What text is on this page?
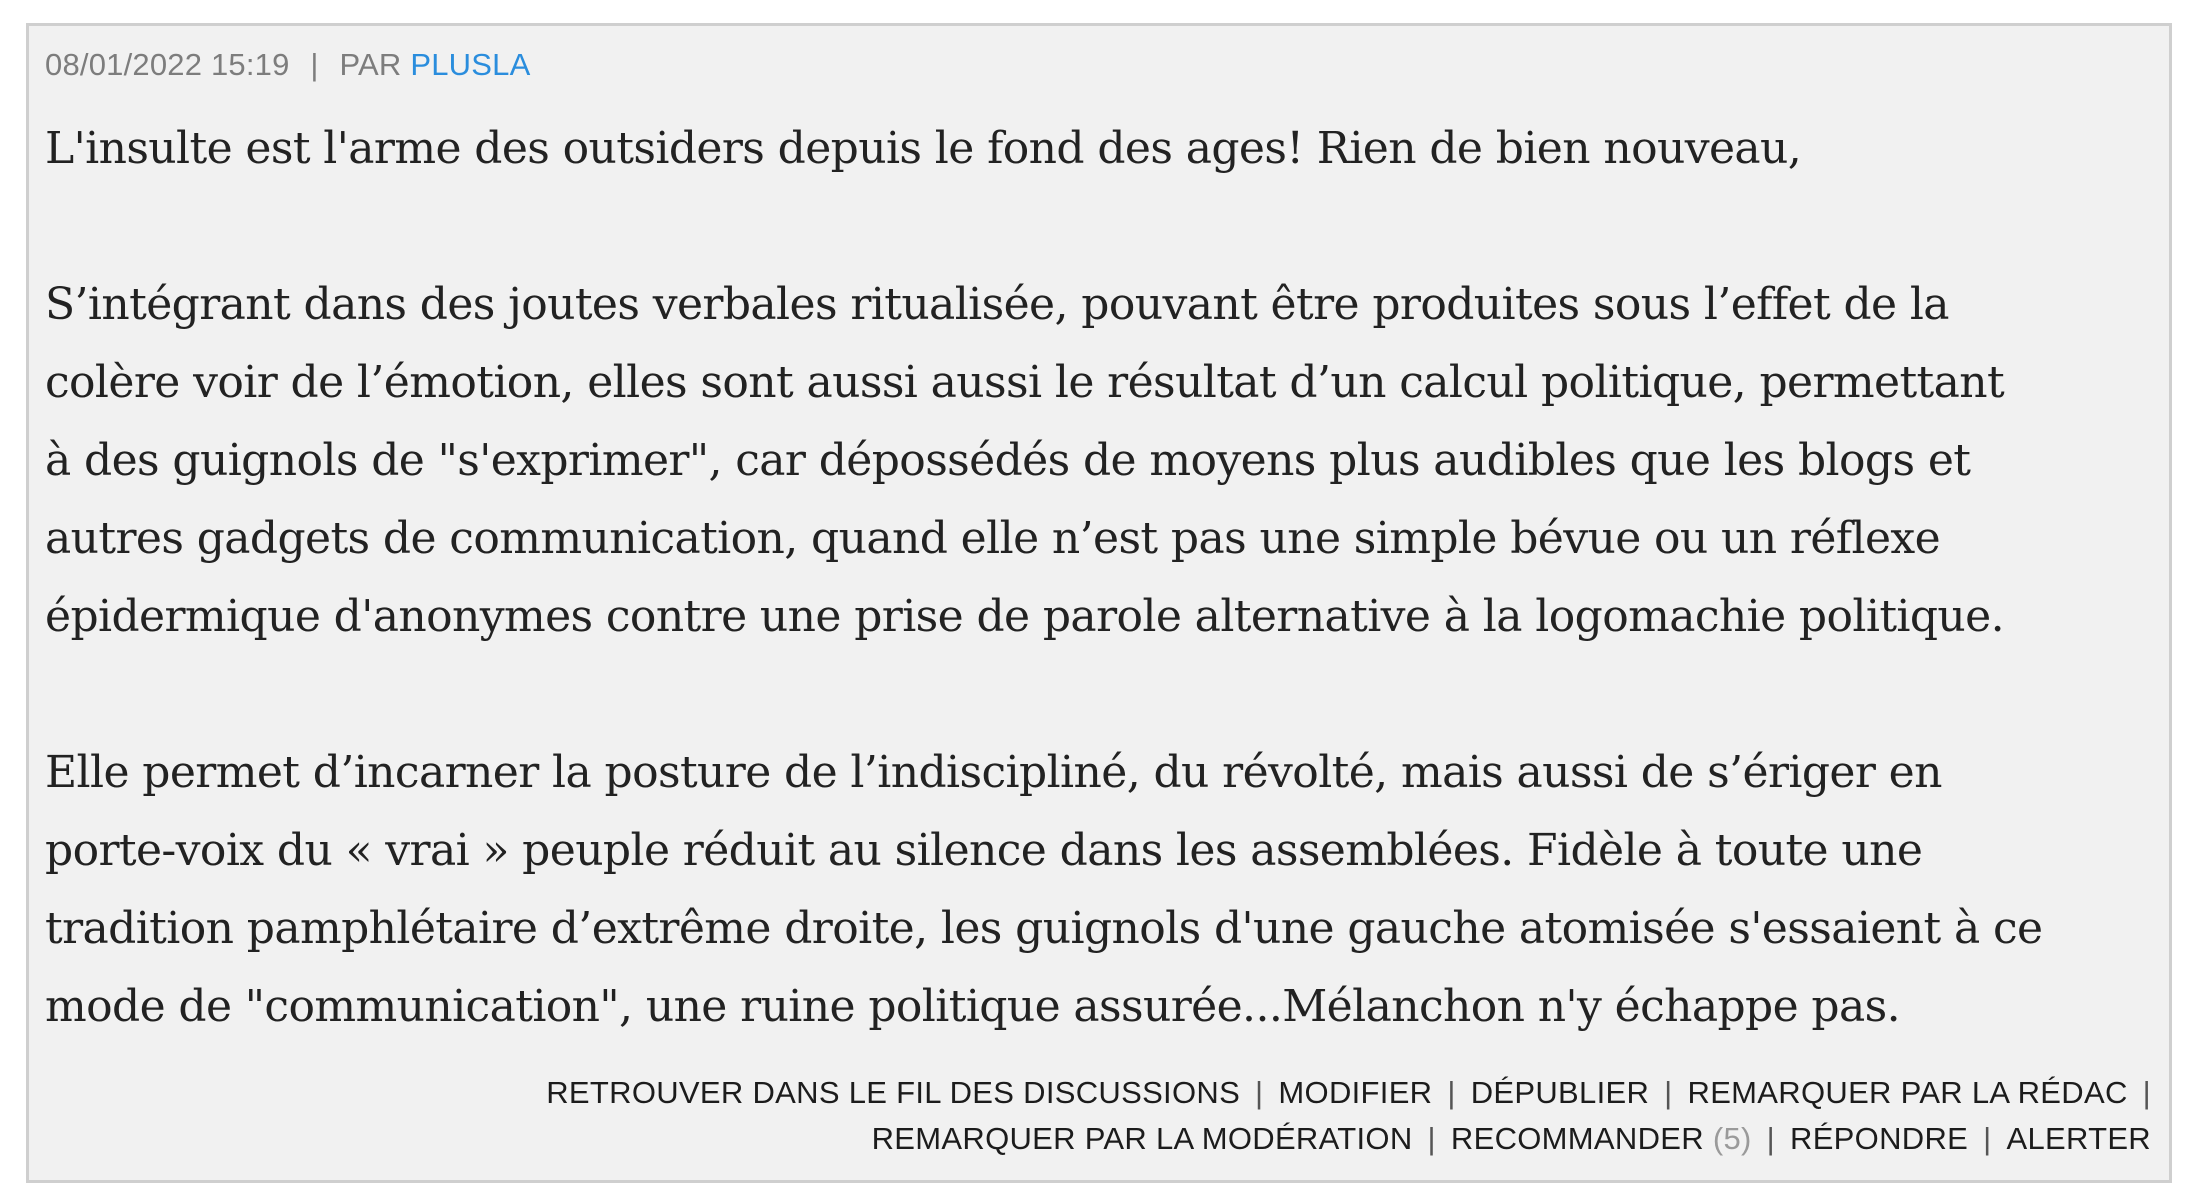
08/01/2022 15:19 | PAR PLUSLA

L'insulte est l'arme des outsiders depuis le fond des ages! Rien de bien nouveau,

S’intégrant dans des joutes verbales ritualisée, pouvant être produites sous l’effet de la

colère voir de l’émotion, elles sont aussi aussi le résultat d’un calcul politique, permettant

à des guignols de "s'exprimer", car dépossédés de moyens plus audibles que les blogs et

autres gadgets de communication, quand elle n’est pas une simple bévue ou un réflexe

épidermique d'anonymes contre une prise de parole alternative à la logomachie politique.

Elle permet d’incarner la posture de l’indiscipliné, du révolté, mais aussi de s’ériger en

porte-voix du « vrai » peuple réduit au silence dans les assemblées. Fidèle à toute une

tradition pamphlétaire d’extrême droite, les guignols d'une gauche atomisée s'essaient à ce

mode de "communication", une ruine politique assurée...Mélanchon n'y échappe pas.

RETROUVER DANS LE FIL DES DISCUSSIONS | MODIFIER | DÉPUBLIER | REMARQUER PAR LA RÉDAC |
REMARQUER PAR LA MODÉRATION | RECOMMANDER (5) | RÉPONDRE | ALERTER
